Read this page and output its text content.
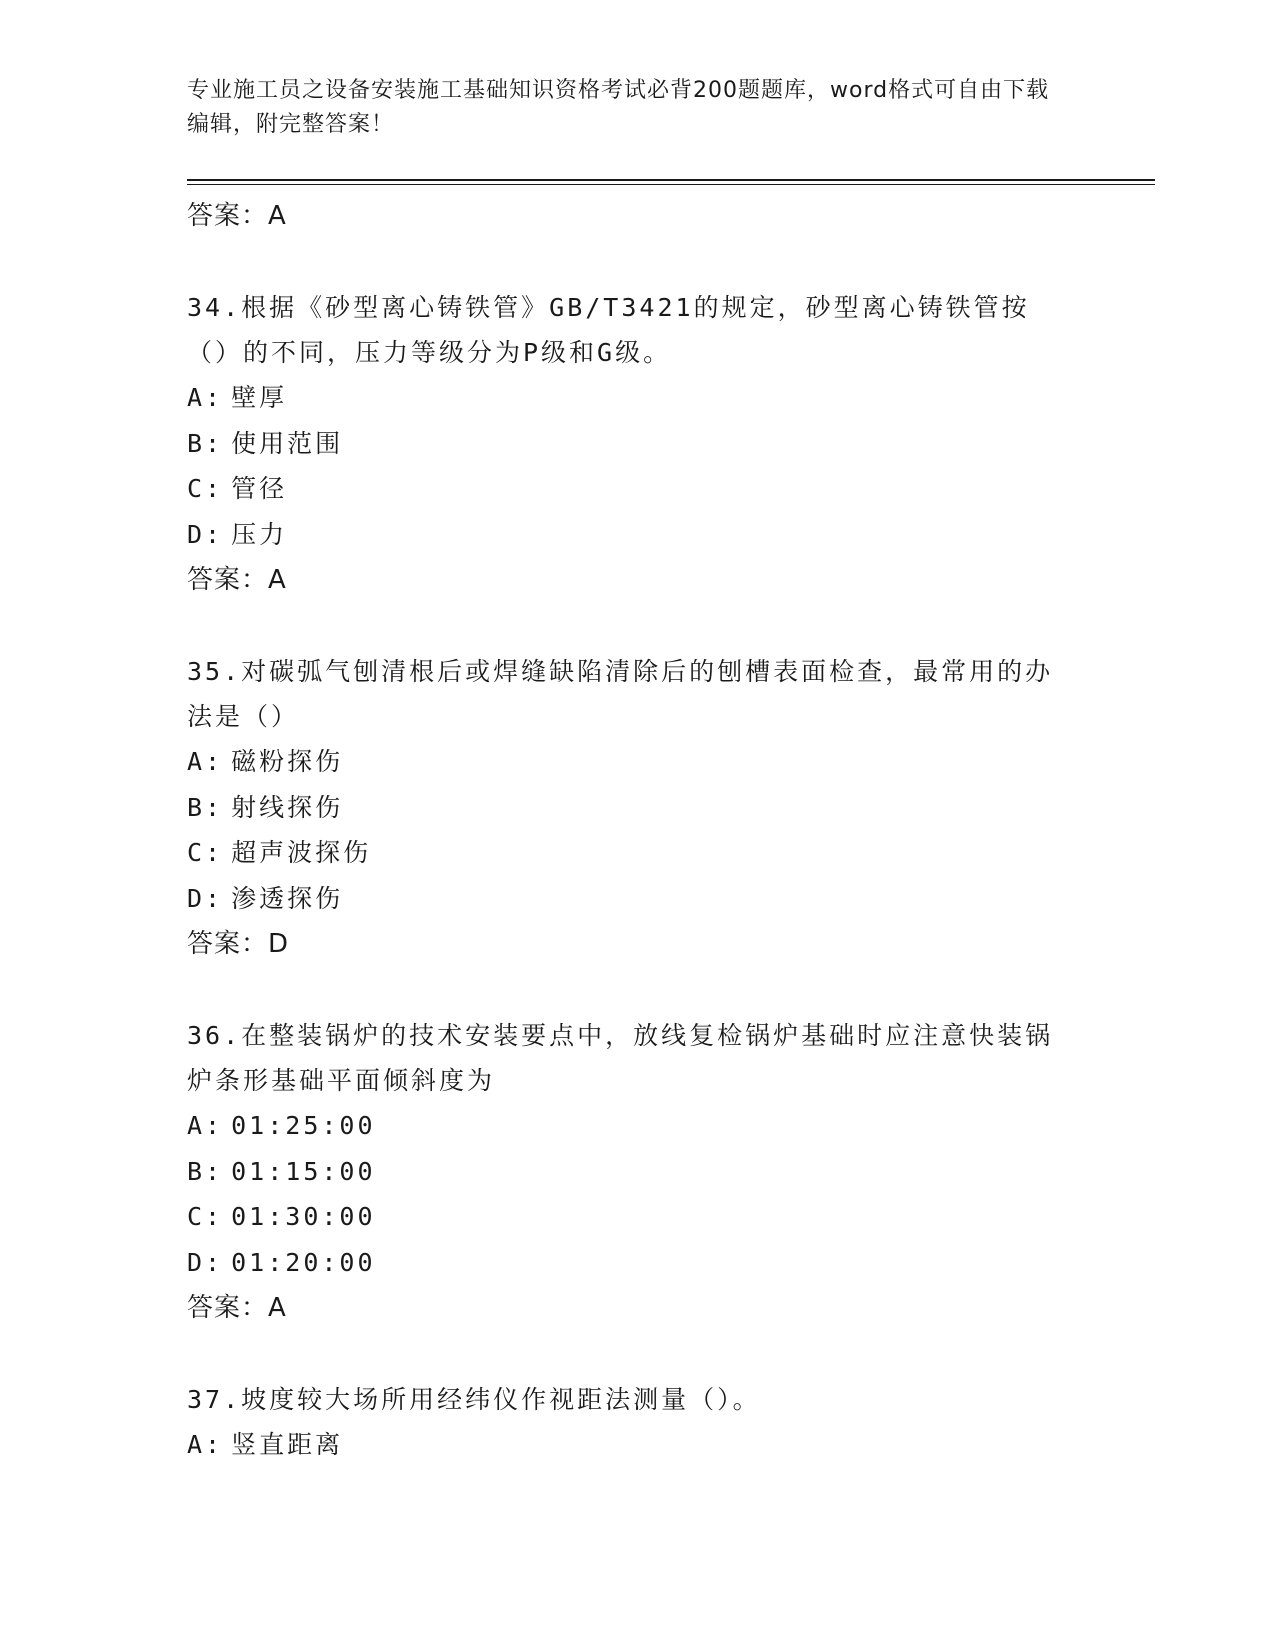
专业施工员之设备安装施工基础知识资格考试必背200题题库，word格式可自由下载编辑，附完整答案！

答案：A

34.根据《砂型离心铸铁管》GB/T3421的规定，砂型离心铸铁管按（）的不同，压力等级分为P级和G级。

A: 壁厚

B: 使用范围

C: 管径

D: 压力

答案：A

35.对碳弧气刨清根后或焊缝缺陷清除后的刨槽表面检查，最常用的办法是（）

A: 磁粉探伤

B: 射线探伤

C: 超声波探伤

D: 渗透探伤

答案：D

36.在整装锅炉的技术安装要点中，放线复检锅炉基础时应注意快装锅炉条形基础平面倾斜度为

A: 01:25:00

B: 01:15:00

C: 01:30:00

D: 01:20:00

答案：A

37.坡度较大场所用经纬仪作视距法测量（）。

A: 竖直距离
